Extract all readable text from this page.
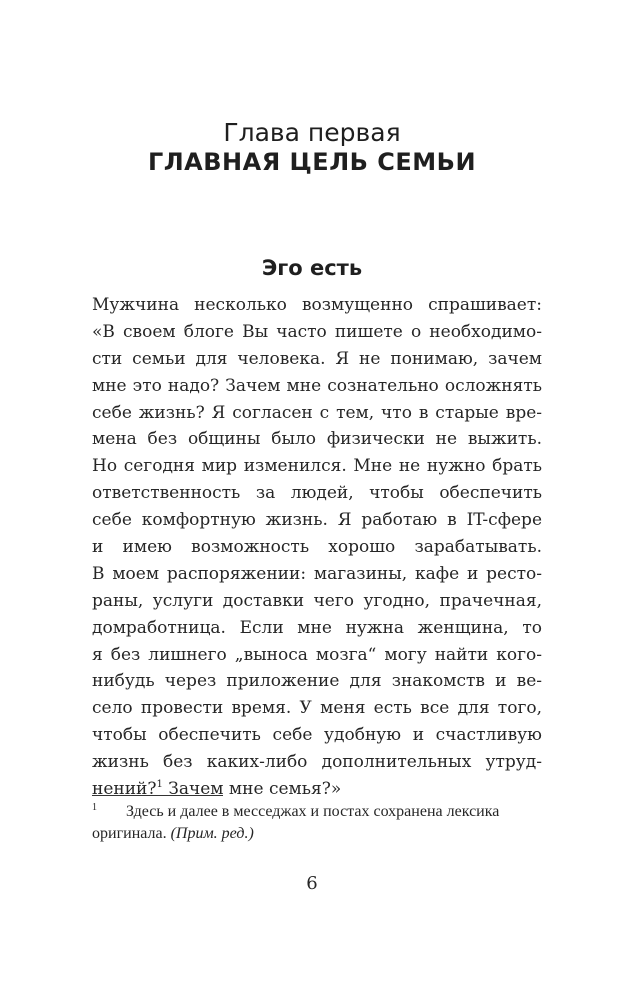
Глава первая
ГЛАВНАЯ ЦЕЛЬ СЕМЬИ
Эго есть
Мужчина несколько возмущенно спрашивает:
«В своем блоге Вы часто пишете о необходимо-
сти семьи для человека. Я не понимаю, зачем
мне это надо? Зачем мне сознательно осложнять
себе жизнь? Я согласен с тем, что в старые вре-
мена без общины было физически не выжить.
Но сегодня мир изменился. Мне не нужно брать
ответственность за людей, чтобы обеспечить
себе комфортную жизнь. Я работаю в IT-сфере
и имею возможность хорошо зарабатывать.
В моем распоряжении: магазины, кафе и ресто-
раны, услуги доставки чего угодно, прачечная,
домработница. Если мне нужна женщина, то
я без лишнего „выноса мозга“ могу найти кого-
нибудь через приложение для знакомств и ве-
село провести время. У меня есть все для того,
чтобы обеспечить себе удобную и счастливую
жизнь без каких-либо дополнительных утруд-
нений?$^1$ Зачем мне семья?»
1 Здесь и далее в месседжах и постах сохранена лексика
оригинала. (Прим. ред.)
6
